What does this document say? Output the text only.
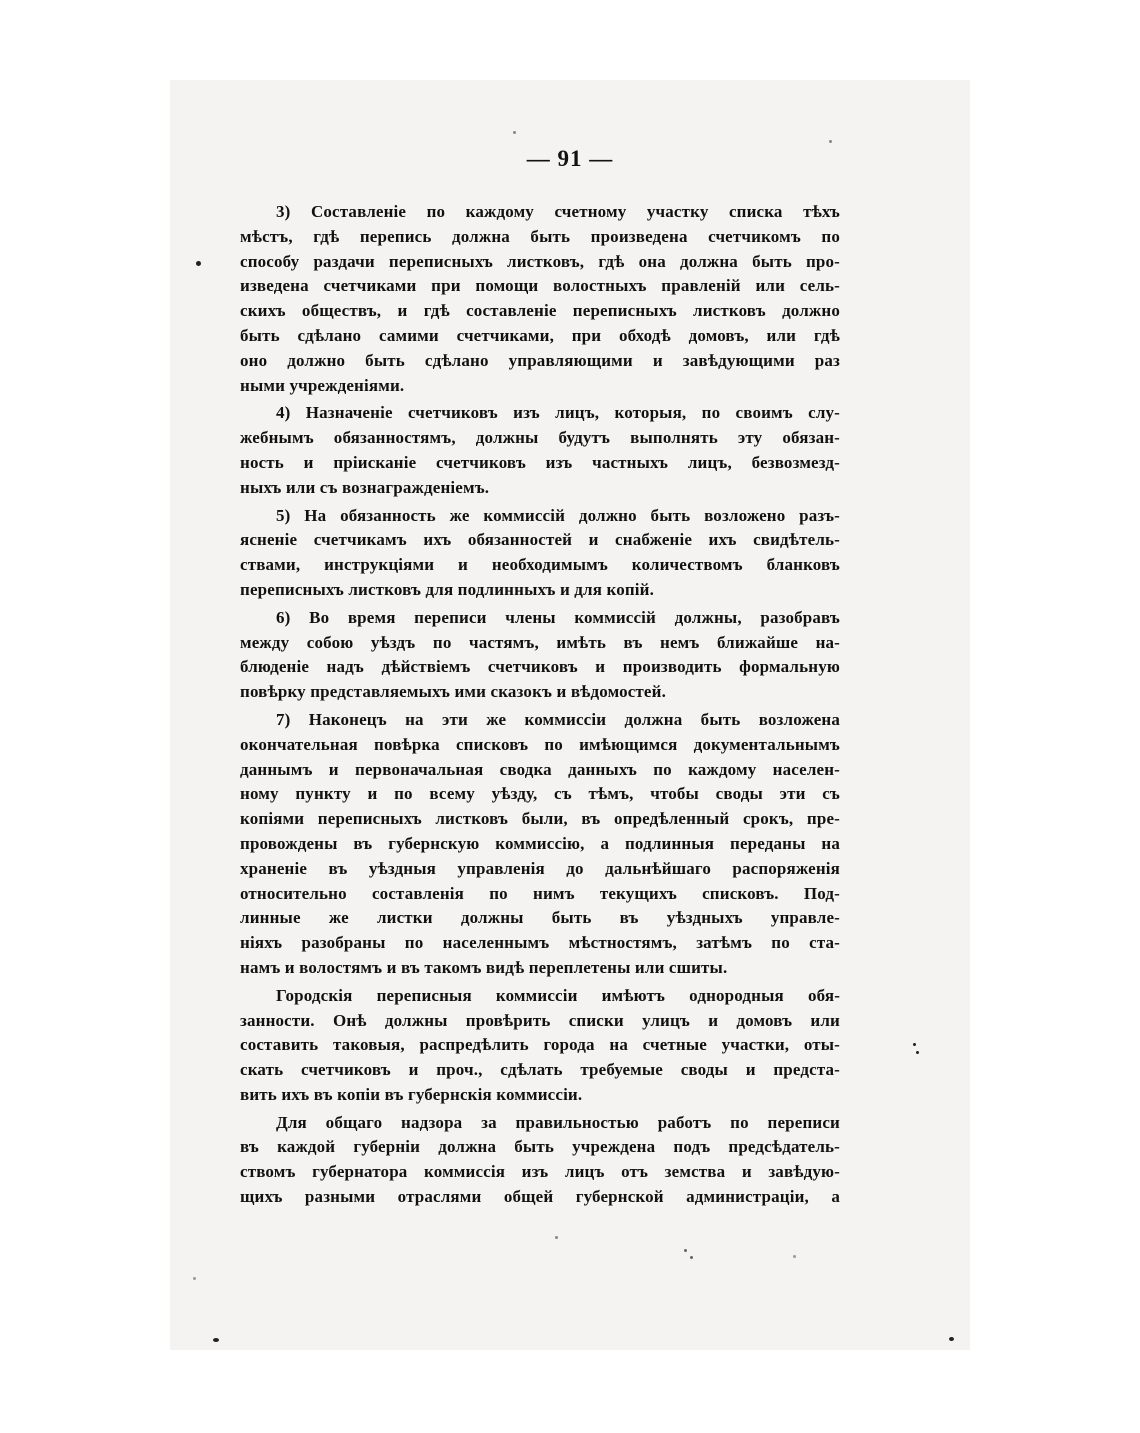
— 91 —
3) Составленіе по каждому счетному участку списка тѣхъ
мѣстъ, гдѣ перепись должна быть произведена счетчикомъ по
способу раздачи переписныхъ листковъ, гдѣ она должна быть про-
изведена счетчиками при помощи волостныхъ правленій или сель-
скихъ обществъ, и гдѣ составленіе переписныхъ листковъ должно
быть сдѣлано самими счетчиками, при обходѣ домовъ, или гдѣ
оно должно быть сдѣлано управляющими и завѣдующими раз
ными учрежденіями.
4) Назначеніе счетчиковъ изъ лицъ, которыя, по своимъ слу-
жебнымъ обязанностямъ, должны будутъ выполнять эту обязан-
ность и пріисканіе счетчиковъ изъ частныхъ лицъ, безвозмезд-
ныхъ или съ вознагражденіемъ.
5) На обязанность же коммиссій должно быть возложено разъ-
ясненіе счетчикамъ ихъ обязанностей и снабженіе ихъ свидѣтель-
ствами, инструкціями и необходимымъ количествомъ бланковъ
переписныхъ листковъ для подлинныхъ и для копій.
6) Во время переписи члены коммиссій должны, разобравъ
между собою уѣздъ по частямъ, имѣть въ немъ ближайше на-
блюденіе надъ дѣйствіемъ счетчиковъ и производить формальную
повѣрку представляемыхъ ими сказокъ и вѣдомостей.
7) Наконецъ на эти же коммиссіи должна быть возложена
окончательная повѣрка списковъ по имѣющимся документальнымъ
даннымъ и первоначальная сводка данныхъ по каждому населен-
ному пункту и по всему уѣзду, съ тѣмъ, чтобы своды эти съ
копіями переписныхъ листковъ были, въ опредѣленный срокъ, пре-
провождены въ губернскую коммиссію, а подлинныя переданы на
храненіе въ уѣздныя управленія до дальнѣйшаго распоряженія
относительно составленія по нимъ текущихъ списковъ. Под-
линные же листки должны быть въ уѣздныхъ управле-
ніяхъ разобраны по населеннымъ мѣстностямъ, затѣмъ по ста-
намъ и волостямъ и въ такомъ видѣ переплетены или сшиты.
Городскія переписныя коммиссіи имѣютъ однородныя обя-
занности. Онѣ должны провѣрить списки улицъ и домовъ или
составить таковыя, распредѣлить города на счетные участки, оты-
скать счетчиковъ и проч., сдѣлать требуемые своды и предста-
вить ихъ въ копіи въ губернскія коммиссіи.
Для общаго надзора за правильностью работъ по переписи
въ каждой губерніи должна быть учреждена подъ предсѣдатель-
ствомъ губернатора коммиссія изъ лицъ отъ земства и завѣдую-
щихъ разными отраслями общей губернской администраціи, а
